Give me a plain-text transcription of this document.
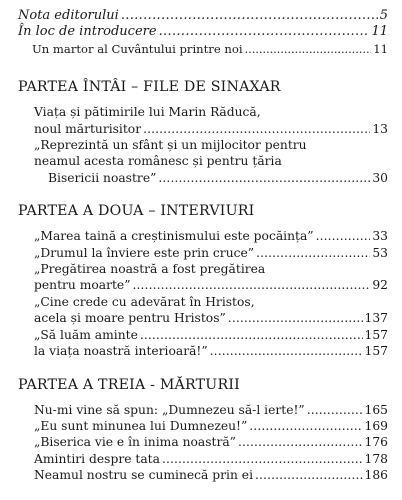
Nota editorului . . .	5
În loc de introducere . . .	11
Un martor al Cuvântului printre noi . . .	11
PARTEA ÎNTÂI – FILE DE SINAXAR
Viața și pătimirile lui Marin Răducă,
noul mărturisitor . . .	13
„Reprezintă un sfânt și un mijlocitor pentru
neamul acesta românesc și pentru țăria
Bisericii noastre” . . .	30
PARTEA A DOUA – INTERVIURI
„Marea taină a creștinismului este pocăința” . . .	33
„Drumul la înviere este prin cruce” . . .	53
„Pregătirea noastră a fost pregătirea
pentru moarte” . . .	92
„Cine crede cu adevărat în Hristos,
acela și moare pentru Hristos” . . .	137
„Să luăm aminte . . .	157
la viața noastră interioară!” . . .	157
PARTEA A TREIA - MĂRTURII
Nu-mi vine să spun: „Dumnezeu să-l ierte!” . . .	165
„Eu sunt minunea lui Dumnezeu!” . . .	169
„Biserica vie e în inima noastră” . . .	176
Amintiri despre tata . . .	178
Neamul nostru se cuminecă prin ei . . .	186
